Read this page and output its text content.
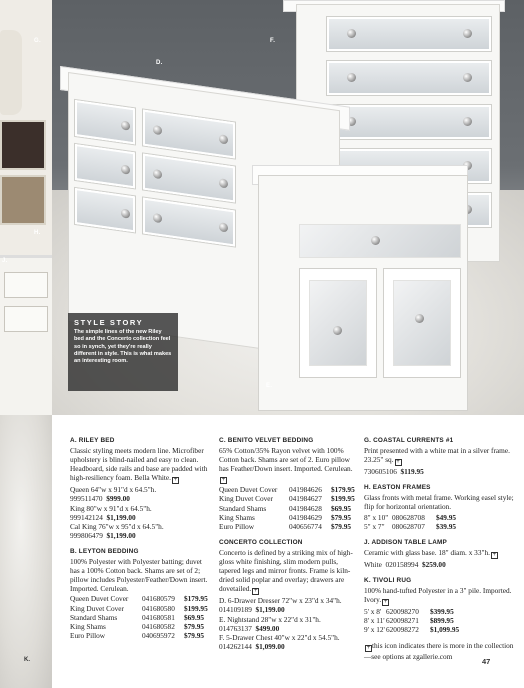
G.	F.
D.
H.
J.
E.
STYLE STORY
The simple lines of the new Riley bed and the Concerto collection feel so in synch, yet they're really different in style. This is what makes an interesting room.
K.
A. RILEY BED
Classic styling meets modern line. Microfiber upholstery is blind-nailed and easy to clean. Headboard, side rails and base are padded with high-resiliency foam. Bella White. +
Queen 64"w x 91"d x 64.5"h.
999511470 $999.00
King 80"w x 91"d x 64.5"h.
999142124 $1,199.00
Cal King 76"w x 95"d x 64.5"h.
999806479 $1,199.00
B. LEYTON BEDDING
100% Polyester with Polyester batting; duvet has a 100% Cotton back. Shams are set of 2; pillow includes Polyester/Feather/Down insert. Imported. Cerulean.
Queen Duvet Cover	041680579	$179.95
King Duvet Cover	041680580	$199.95
Standard Shams	041680581	$69.95
King Shams	041680582	$79.95
Euro Pillow	040695972	$79.95
C. BENITO VELVET BEDDING
65% Cotton/35% Rayon velvet with 100% Cotton back. Shams are set of 2. Euro pillow has Feather/Down insert. Imported. Cerulean.+
Queen Duvet Cover	041984626	$179.95
King Duvet Cover	041984627	$199.95
Standard Shams	041984628	$69.95
King Shams	041984629	$79.95
Euro Pillow	040656774	$79.95
CONCERTO COLLECTION
Concerto is defined by a striking mix of high-gloss white finishing, slim modern pulls, tapered legs and mirror fronts. Frame is kiln-dried solid poplar and overlay; drawers are dovetailed. +
D. 6-Drawer Dresser 72"w x 23"d x 34"h.
014109189 $1,199.00
E. Nightstand 28"w x 22"d x 31"h.
014763137 $499.00
F. 5-Drawer Chest 40"w x 22"d x 54.5"h.
014262144 $1,099.00
G. COASTAL CURRENTS #1
Print presented with a white mat in a silver frame. 23.25" sq. +
730605106 $119.95
H. EASTON FRAMES
Glass fronts with metal frame. Working easel style; flip for horizontal orientation.
8" x 10" 080628708	$49.95
5" x 7"	080628707	$39.95
J. ADDISON TABLE LAMP
Ceramic with glass base. 18" diam. x 33"h. +
White 020158994 $259.00
K. TIVOLI RUG
100% hand-tufted Polyester in a 3" pile. Imported. Ivory. +
5' x 8' 620098270	$399.95
8' x 11' 620098271	$899.95
9' x 12' 620098272	$1,099.95
+ this icon indicates there is more in the collection—see options at zgallerie.com
47
